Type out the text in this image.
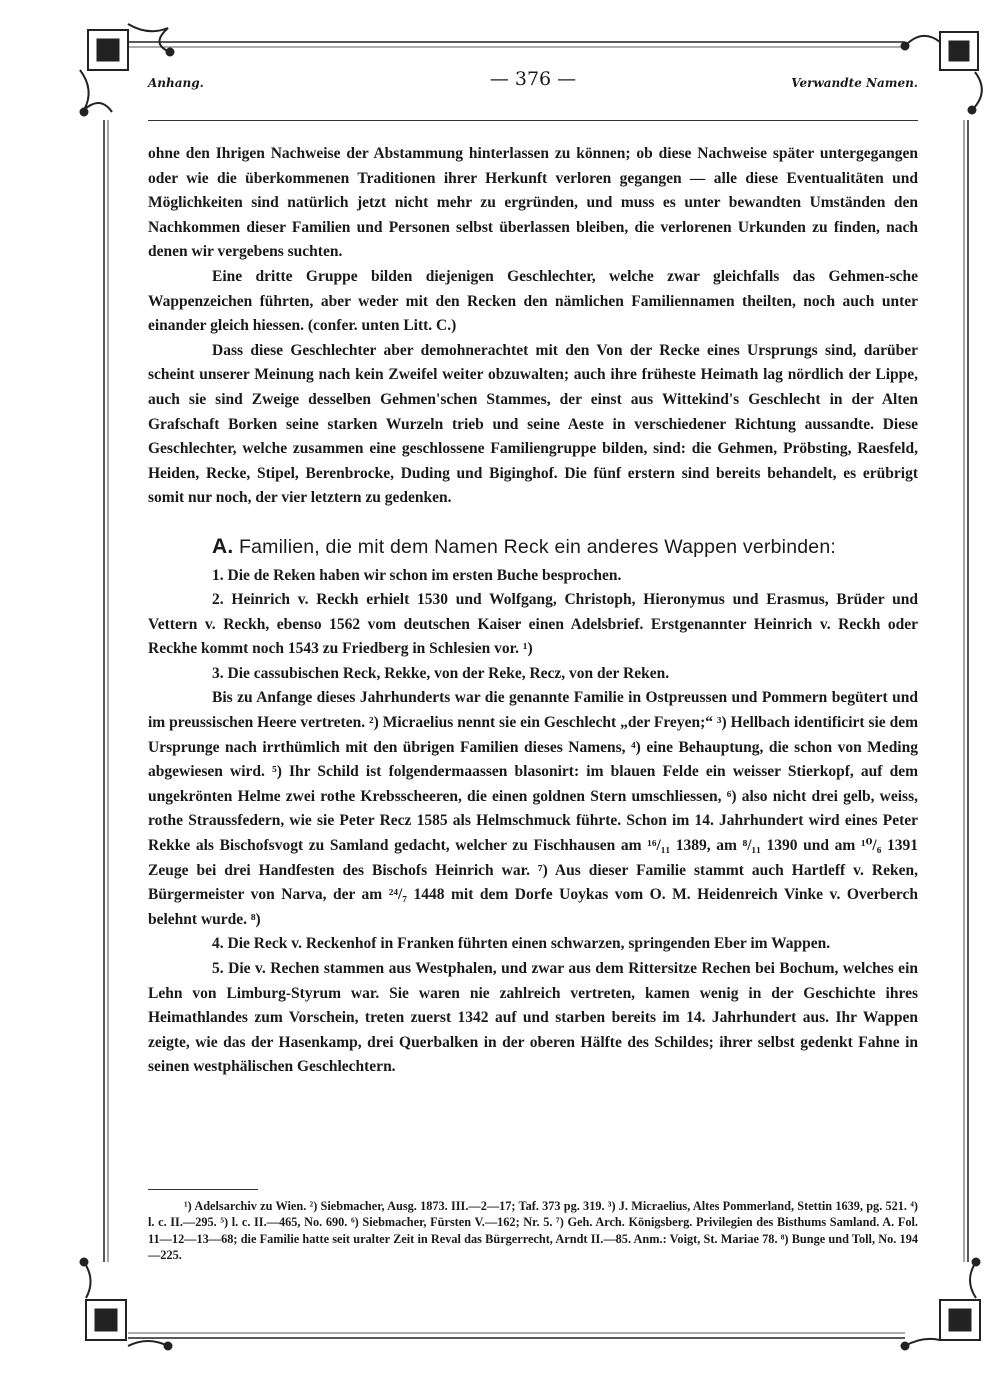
Anhang.	— 376 —	Verwandte Namen.

ohne den Ihrigen Nachweise der Abstammung hinterlassen zu können; ob diese Nachweise später untergegangen oder wie die überkommenen Traditionen ihrer Herkunft verloren gegangen — alle diese Eventualitäten und Möglichkeiten sind natürlich jetzt nicht mehr zu ergründen, und muss es unter bewandten Umständen den Nachkommen dieser Familien und Personen selbst überlassen bleiben, die verlorenen Urkunden zu finden, nach denen wir vergebens suchten.

Eine dritte Gruppe bilden diejenigen Geschlechter, welche zwar gleichfalls das Gehmen-sche Wappenzeichen führten, aber weder mit den Recken den nämlichen Familiennamen theilten, noch auch unter einander gleich hiessen. (confer. unten Litt. C.)

Dass diese Geschlechter aber demohnerachtet mit den Von der Recke eines Ursprungs sind, darüber scheint unserer Meinung nach kein Zweifel weiter obzuwalten; auch ihre früheste Heimath lag nördlich der Lippe, auch sie sind Zweige desselben Gehmen'schen Stammes, der einst aus Wittekind's Geschlecht in der Alten Grafschaft Borken seine starken Wurzeln trieb und seine Aeste in verschiedener Richtung aussandte. Diese Geschlechter, welche zusammen eine geschlossene Familiengruppe bilden, sind: die Gehmen, Pröbsting, Raesfeld, Heiden, Recke, Stipel, Berenbrocke, Duding und Biginghof. Die fünf erstern sind bereits behandelt, es erübrigt somit nur noch, der vier letztern zu gedenken.

A. Familien, die mit dem Namen Reck ein anderes Wappen verbinden:

1. Die de Reken haben wir schon im ersten Buche besprochen.

2. Heinrich v. Reckh erhielt 1530 und Wolfgang, Christoph, Hieronymus und Erasmus, Brüder und Vettern v. Reckh, ebenso 1562 vom deutschen Kaiser einen Adelsbrief. Erstgenannter Heinrich v. Reckh oder Reckhe kommt noch 1543 zu Friedberg in Schlesien vor. ¹)

3. Die cassubischen Reck, Rekke, von der Reke, Recz, von der Reken.

Bis zu Anfange dieses Jahrhunderts war die genannte Familie in Ostpreussen und Pommern begütert und im preussischen Heere vertreten. ²) Micraelius nennt sie ein Geschlecht „der Freyen;“ ³) Hellbach identificirt sie dem Ursprunge nach irrthümlich mit den übrigen Familien dieses Namens, ⁴) eine Behauptung, die schon von Meding abgewiesen wird. ⁵) Ihr Schild ist folgendermaassen blasonirt: im blauen Felde ein weisser Stierkopf, auf dem ungekrönten Helme zwei rothe Krebsscheeren, die einen goldnen Stern umschliessen, ⁶) also nicht drei gelb, weiss, rothe Straussfedern, wie sie Peter Recz 1585 als Helmschmuck führte. Schon im 14. Jahrhundert wird eines Peter Rekke als Bischofsvogt zu Samland gedacht, welcher zu Fischhausen am ¹⁶/₁₁ 1389, am ⁸/₁₁ 1390 und am ¹⁰/₆ 1391 Zeuge bei drei Handfesten des Bischofs Heinrich war. ⁷) Aus dieser Familie stammt auch Hartleff v. Reken, Bürgermeister von Narva, der am ²⁴/₇ 1448 mit dem Dorfe Uoykas vom O. M. Heidenreich Vinke v. Overberch belehnt wurde. ⁸)

4. Die Reck v. Reckenhof in Franken führten einen schwarzen, springenden Eber im Wappen.

5. Die v. Rechen stammen aus Westphalen, und zwar aus dem Rittersitze Rechen bei Bochum, welches ein Lehn von Limburg-Styrum war. Sie waren nie zahlreich vertreten, kamen wenig in der Geschichte ihres Heimathlandes zum Vorschein, treten zuerst 1342 auf und starben bereits im 14. Jahrhundert aus. Ihr Wappen zeigte, wie das der Hasenkamp, drei Querbalken in der oberen Hälfte des Schildes; ihrer selbst gedenkt Fahne in seinen westphälischen Geschlechtern.

¹) Adelsarchiv zu Wien. ²) Siebmacher, Ausg. 1873. III.—2—17; Taf. 373 pg. 319. ³) J. Micraelius, Altes Pommerland, Stettin 1639, pg. 521. ⁴) l. c. II.—295. ⁵) l. c. II.—465, No. 690. ⁶) Siebmacher, Fürsten V.—162; Nr. 5. ⁷) Geh. Arch. Königsberg. Privilegien des Bisthums Samland. A. Fol. 11—12—13—68; die Familie hatte seit uralter Zeit in Reval das Bürgerrecht, Arndt II.—85. Anm.: Voigt, St. Mariae 78. ⁸) Bunge und Toll, No. 194—225.
